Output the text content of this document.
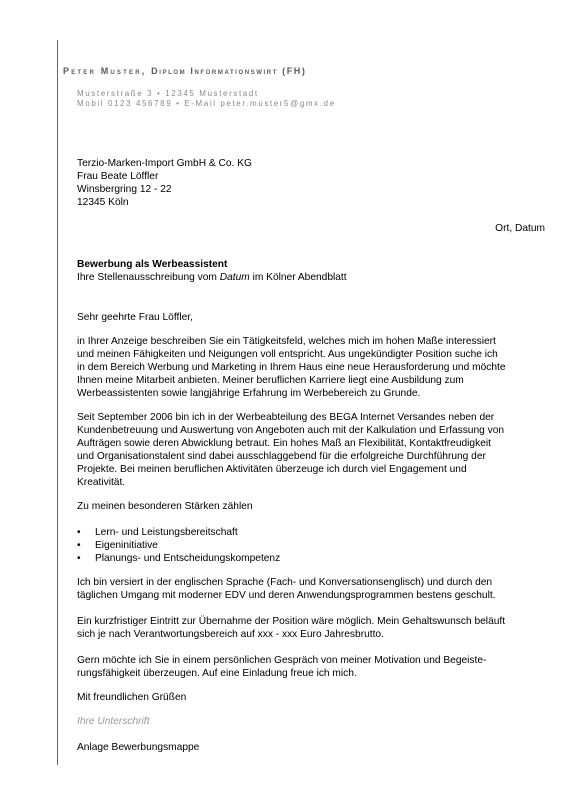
Peter Muster, Diplom Informationswirt (FH)
Musterstraße 3 • 12345 Musterstadt
Mobil 0123 456789 • E-Mail peter.muster5@gmx.de
Terzio-Marken-Import GmbH & Co. KG
Frau Beate Löffler
Winsbergring 12 - 22
12345 Köln
Ort, Datum
Bewerbung als Werbeassistent
Ihre Stellenausschreibung vom Datum im Kölner Abendblatt
Sehr geehrte Frau Löffler,
in Ihrer Anzeige beschreiben Sie ein Tätigkeitsfeld, welches mich im hohen Maße interessiert
und meinen Fähigkeiten und Neigungen voll entspricht. Aus ungekündigter Position suche ich
in dem Bereich Werbung und Marketing in Ihrem Haus eine neue Herausforderung und möchte
Ihnen meine Mitarbeit anbieten. Meiner beruflichen Karriere liegt eine Ausbildung zum
Werbeassistenten sowie langjährige Erfahrung im Werbebereich zu Grunde.
Seit September 2006 bin ich in der Werbeabteilung des BEGA Internet Versandes neben der
Kundenbetreuung und Auswertung von Angeboten auch mit der Kalkulation und Erfassung von
Aufträgen sowie deren Abwicklung betraut. Ein hohes Maß an Flexibilität, Kontaktfreudigkeit
und Organisationstalent sind dabei ausschlaggebend für die erfolgreiche Durchführung der
Projekte. Bei meinen beruflichen Aktivitäten überzeuge ich durch viel Engagement und
Kreativität.
Zu meinen besonderen Stärken zählen
• Lern- und Leistungsbereitschaft
• Eigeninitiative
• Planungs- und Entscheidungskompetenz
Ich bin versiert in der englischen Sprache (Fach- und Konversationsenglisch) und durch den
täglichen Umgang mit moderner EDV und deren Anwendungsprogrammen bestens geschult.
Ein kurzfristiger Eintritt zur Übernahme der Position wäre möglich. Mein Gehaltswunsch beläuft
sich je nach Verantwortungsbereich auf xxx - xxx Euro Jahresbrutto.
Gern möchte ich Sie in einem persönlichen Gespräch von meiner Motivation und Begeiste-
rungsfähigkeit überzeugen. Auf eine Einladung freue ich mich.
Mit freundlichen Grüßen
Ihre Unterschrift
Anlage Bewerbungsmappe
